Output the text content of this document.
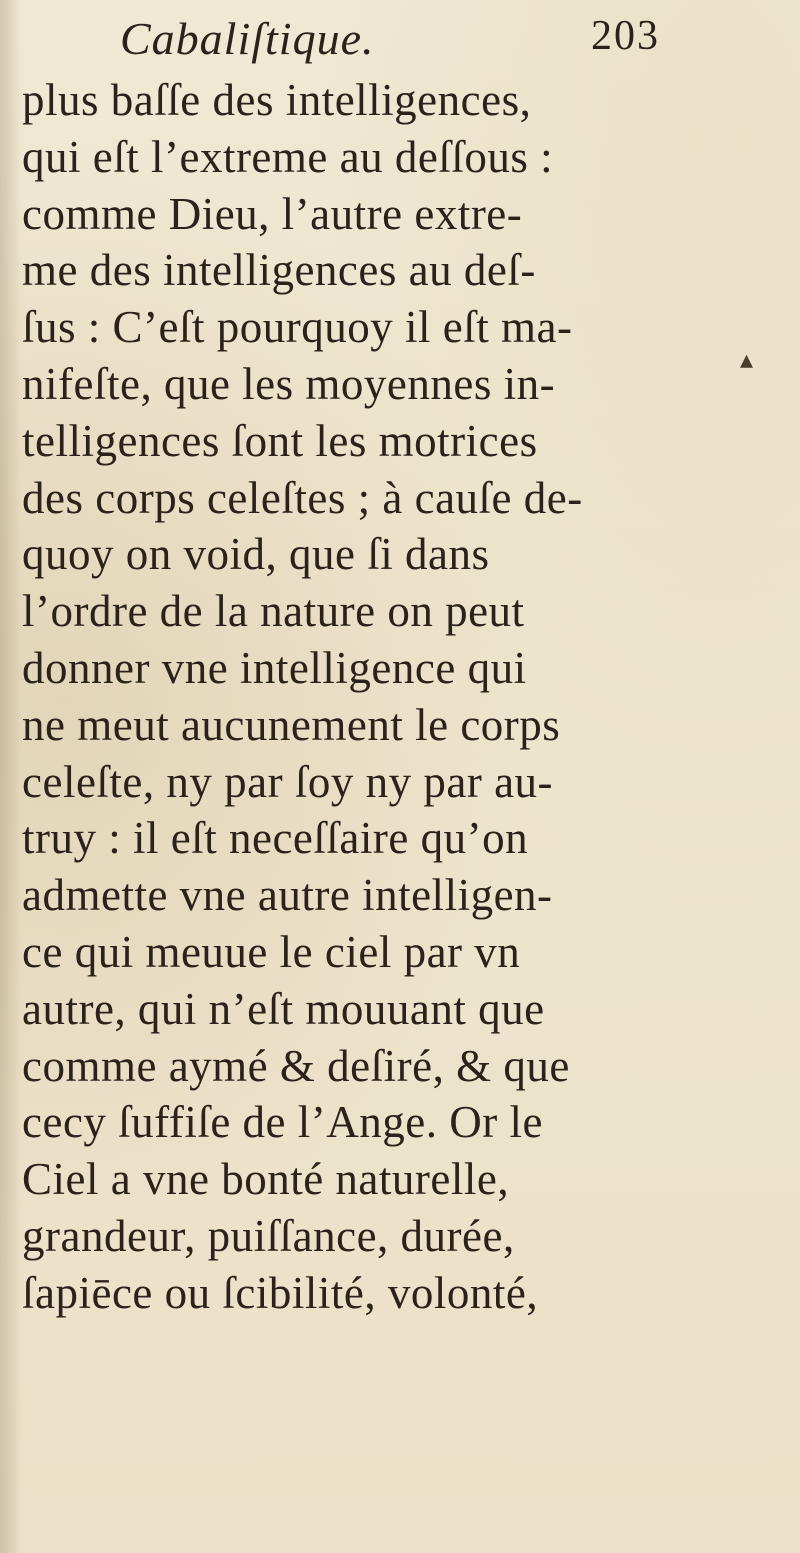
Cabaliſtique.	203
plus baſſe des intelligences,
qui eſt l’extreme au deſſous :
comme Dieu, l’autre extre-
me des intelligences au deſ-
ſus : C’eſt pourquoy il eſt ma-
nifeſte, que les moyennes in-
telligences ſont les motrices
des corps celeſtes ; à cauſe de-
quoy on void, que ſi dans
l’ordre de la nature on peut
donner vne intelligence qui
ne meut aucunement le corps
celeſte, ny par ſoy ny par au-
truy : il eſt neceſſaire qu’on
admette vne autre intelligen-
ce qui meuue le ciel par vn
autre, qui n’eſt mouuant que
comme aymé & deſiré, & que
cecy ſuffiſe de l’Ange. Or le
Ciel a vne bonté naturelle,
grandeur, puiſſance, durée,
ſapiēce ou ſcibilité, volonté,
▴
